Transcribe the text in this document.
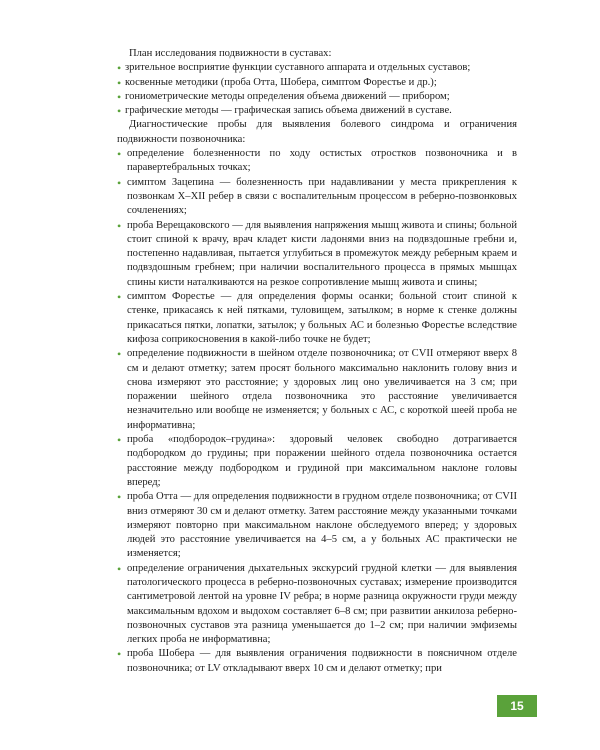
План исследования подвижности в суставах:

• зрительное восприятие функции суставного аппарата и отдельных суставов;
• косвенные методики (проба Отта, Шобера, симптом Форестье и др.);
• гониометрические методы определения объема движений — прибором;
• графические методы — графическая запись объема движений в суставе.

Диагностические пробы для выявления болевого синдрома и ограничения подвижности позвоночника:

• определение болезненности по ходу остистых отростков позвоночника и в паравертебральных точках;
• симптом Зацепина — болезненность при надавливании у места прикрепления к позвонкам X–XII ребер в связи с воспалительным процессом в реберно-позвонковых сочленениях;
• проба Верещаковского — для выявления напряжения мышц живота и спины; больной стоит спиной к врачу, врач кладет кисти ладонями вниз на подвздошные гребни и, постепенно надавливая, пытается углубиться в промежуток между реберным краем и подвздошным гребнем; при наличии воспалительного процесса в прямых мышцах спины кисти наталкиваются на резкое сопротивление мышц живота и спины;
• симптом Форестье — для определения формы осанки; больной стоит спиной к стенке, прикасаясь к ней пятками, туловищем, затылком; в норме к стенке должны прикасаться пятки, лопатки, затылок; у больных АС и болезнью Форестье вследствие кифоза соприкосновения в какой-либо точке не будет;
• определение подвижности в шейном отделе позвоночника; от CVII отмеряют вверх 8 см и делают отметку; затем просят больного максимально наклонить голову вниз и снова измеряют это расстояние; у здоровых лиц оно увеличивается на 3 см; при поражении шейного отдела позвоночника это расстояние увеличивается незначительно или вообще не изменяется; у больных с АС, с короткой шеей проба не информативна;
• проба «подбородок–грудина»: здоровый человек свободно дотрагивается подбородком до грудины; при поражении шейного отдела позвоночника остается расстояние между подбородком и грудиной при максимальном наклоне головы вперед;
• проба Отта — для определения подвижности в грудном отделе позвоночника; от CVII вниз отмеряют 30 см и делают отметку. Затем расстояние между указанными точками измеряют повторно при максимальном наклоне обследуемого вперед; у здоровых людей это расстояние увеличивается на 4–5 см, а у больных АС практически не изменяется;
• определение ограничения дыхательных экскурсий грудной клетки — для выявления патологического процесса в реберно-позвоночных суставах; измерение производится сантиметровой лентой на уровне IV ребра; в норме разница окружности груди между максимальным вдохом и выдохом составляет 6–8 см; при развитии анкилоза реберно-позвоночных суставов эта разница уменьшается до 1–2 см; при наличии эмфиземы легких проба не информативна;
• проба Шобера — для выявления ограничения подвижности в поясничном отделе позвоночника; от LV откладывают вверх 10 см и делают отметку; при
15
